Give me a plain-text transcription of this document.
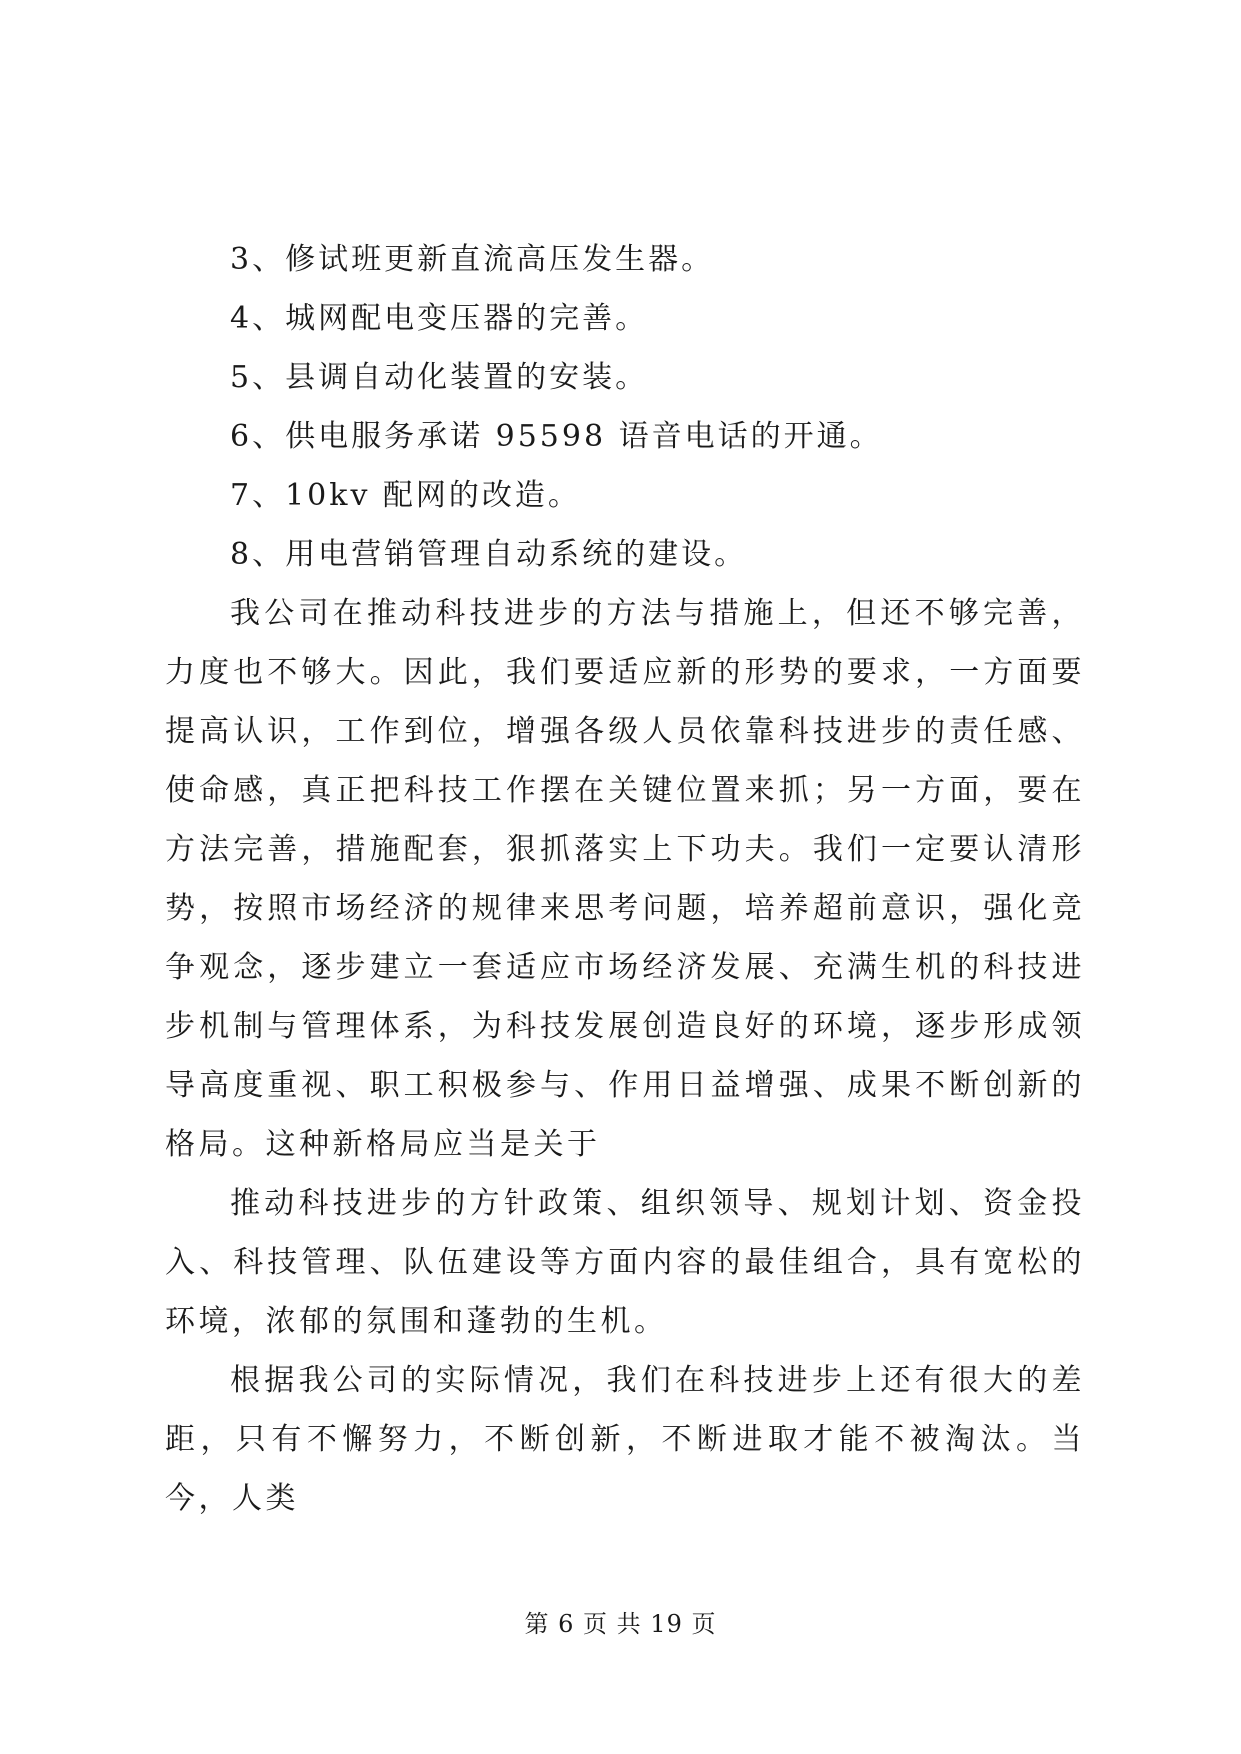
3、修试班更新直流高压发生器。

4、城网配电变压器的完善。

5、县调自动化装置的安装。

6、供电服务承诺 95598 语音电话的开通。

7、10kv 配网的改造。

8、用电营销管理自动系统的建设。

我公司在推动科技进步的方法与措施上，但还不够完善，力度也不够大。因此，我们要适应新的形势的要求，一方面要提高认识，工作到位，增强各级人员依靠科技进步的责任感、使命感，真正把科技工作摆在关键位置来抓；另一方面，要在方法完善，措施配套，狠抓落实上下功夫。我们一定要认清形势，按照市场经济的规律来思考问题，培养超前意识，强化竞争观念，逐步建立一套适应市场经济发展、充满生机的科技进步机制与管理体系，为科技发展创造良好的环境，逐步形成领导高度重视、职工积极参与、作用日益增强、成果不断创新的格局。这种新格局应当是关于

推动科技进步的方针政策、组织领导、规划计划、资金投入、科技管理、队伍建设等方面内容的最佳组合，具有宽松的环境，浓郁的氛围和蓬勃的生机。

根据我公司的实际情况，我们在科技进步上还有很大的差距，只有不懈努力，不断创新，不断进取才能不被淘汰。当今，人类

第 6 页 共 19 页
